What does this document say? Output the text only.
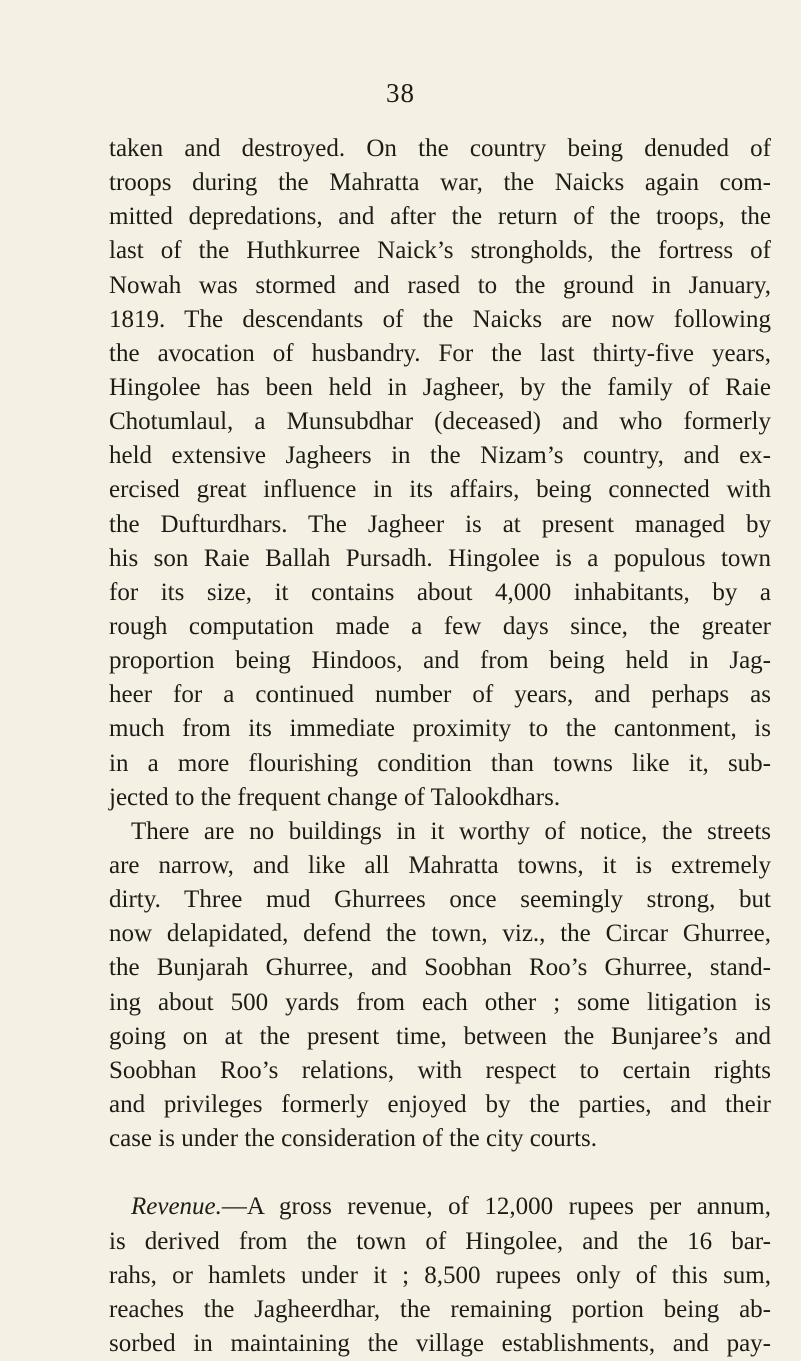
38
taken and destroyed. On the country being denuded of
troops during the Mahratta war, the Naicks again com-
mitted depredations, and after the return of the troops, the
last of the Huthkurree Naick’s strongholds, the fortress of
Nowah was stormed and rased to the ground in January,
1819. The descendants of the Naicks are now following
the avocation of husbandry. For the last thirty-five years,
Hingolee has been held in Jagheer, by the family of Raie
Chotumlaul, a Munsubdhar (deceased) and who formerly
held extensive Jagheers in the Nizam’s country, and ex-
ercised great influence in its affairs, being connected with
the Dufturdhars. The Jagheer is at present managed by
his son Raie Ballah Pursadh. Hingolee is a populous town
for its size, it contains about 4,000 inhabitants, by a
rough computation made a few days since, the greater
proportion being Hindoos, and from being held in Jag-
heer for a continued number of years, and perhaps as
much from its immediate proximity to the cantonment, is
in a more flourishing condition than towns like it, sub-
jected to the frequent change of Talookdhars.
There are no buildings in it worthy of notice, the streets
are narrow, and like all Mahratta towns, it is extremely
dirty. Three mud Ghurrees once seemingly strong, but
now delapidated, defend the town, viz., the Circar Ghurree,
the Bunjarah Ghurree, and Soobhan Roo’s Ghurree, stand-
ing about 500 yards from each other ; some litigation is
going on at the present time, between the Bunjaree’s and
Soobhan Roo’s relations, with respect to certain rights
and privileges formerly enjoyed by the parties, and their
case is under the consideration of the city courts.
Revenue.—A gross revenue, of 12,000 rupees per annum,
is derived from the town of Hingolee, and the 16 bar-
rahs, or hamlets under it ; 8,500 rupees only of this sum,
reaches the Jagheerdhar, the remaining portion being ab-
sorbed in maintaining the village establishments, and pay-
